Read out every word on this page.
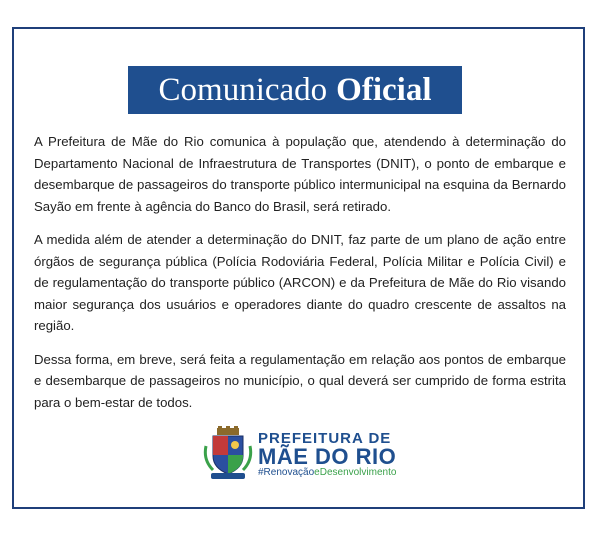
Comunicado Oficial

A Prefeitura de Mãe do Rio comunica à população que, atendendo à determinação do Departamento Nacional de Infraestrutura de Transportes (DNIT), o ponto de embarque e desembarque de passageiros do transporte público intermunicipal na esquina da Bernardo Sayão em frente à agência do Banco do Brasil, será retirado.

A medida além de atender a determinação do DNIT, faz parte de um plano de ação entre órgãos de segurança pública (Polícia Rodoviária Federal, Polícia Militar e Polícia Civil) e de regulamentação do transporte público (ARCON) e da Prefeitura de Mãe do Rio visando maior segurança dos usuários e operadores diante do quadro crescente de assaltos na região.

Dessa forma, em breve, será feita a regulamentação em relação aos pontos de embarque e desembarque de passageiros no município, o qual deverá ser cumprido de forma estrita para o bem-estar de todos.

PREFEITURA DE
MÃE DO RIO
#RenovaçãoeDesenvolvimento
